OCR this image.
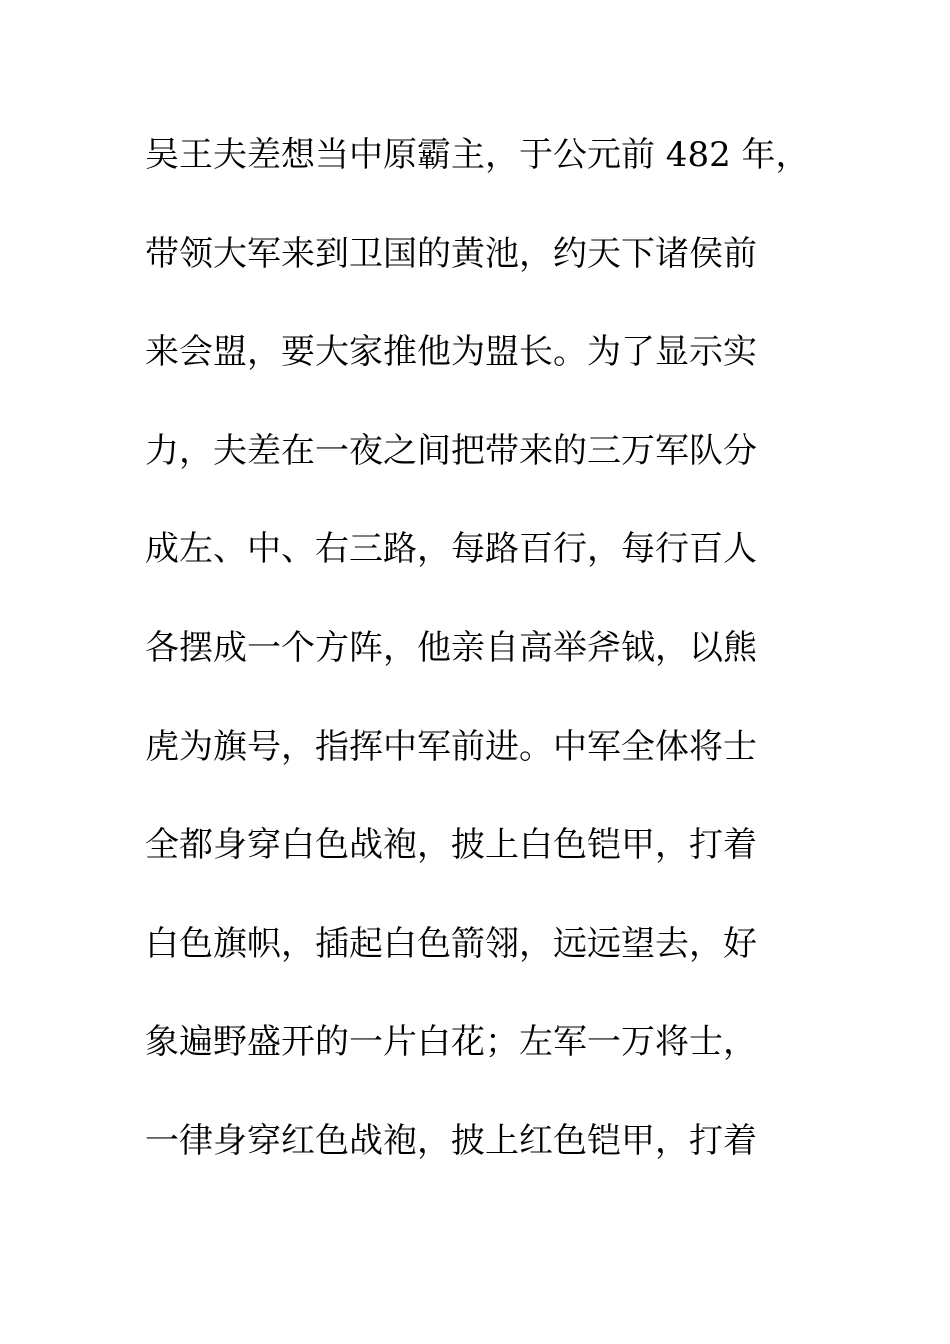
吴王夫差想当中原霸主，于公元前 482 年，
带领大军来到卫国的黄池，约天下诸侯前
来会盟，要大家推他为盟长。为了显示实
力，夫差在一夜之间把带来的三万军队分
成左、中、右三路，每路百行，每行百人
各摆成一个方阵，他亲自高举斧钺，以熊
虎为旗号，指挥中军前进。中军全体将士
全都身穿白色战袍，披上白色铠甲，打着
白色旗帜，插起白色箭翎，远远望去，好
象遍野盛开的一片白花；左军一万将士，
一律身穿红色战袍，披上红色铠甲，打着
